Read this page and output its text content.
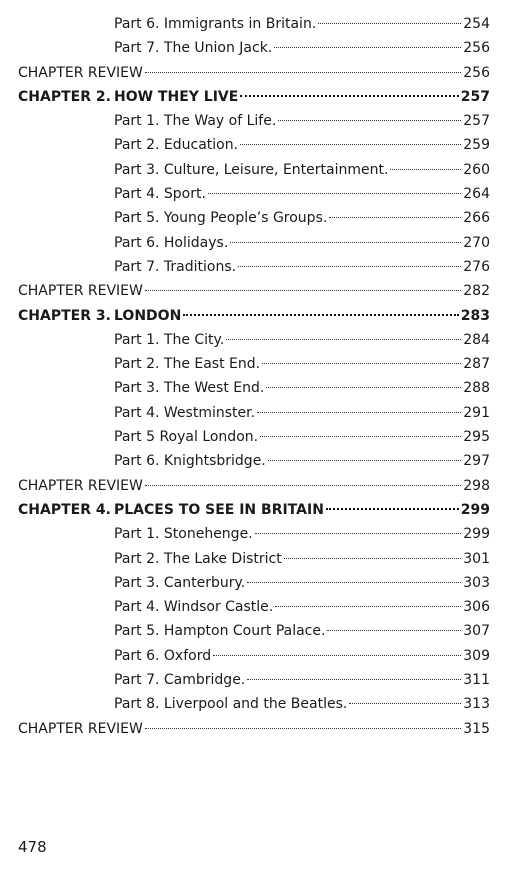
Part 6. Immigrants in Britain.	254
Part 7. The Union Jack.	256
CHAPTER REVIEW	256
CHAPTER 2. HOW THEY LIVE	257
Part 1. The Way of Life.	257
Part 2. Education.	259
Part 3. Culture, Leisure, Entertainment.	260
Part 4. Sport.	264
Part 5. Young People’s Groups.	266
Part 6. Holidays.	270
Part 7. Traditions.	276
CHAPTER REVIEW	282
CHAPTER 3. LONDON	283
Part 1. The City.	284
Part 2. The East End.	287
Part 3. The West End.	288
Part 4. Westminster.	291
Part 5 Royal London.	295
Part 6. Knightsbridge.	297
CHAPTER REVIEW	298
CHAPTER 4. PLACES TO SEE IN BRITAIN	299
Part 1. Stonehenge.	299
Part 2. The Lake District	301
Part 3. Canterbury.	303
Part 4. Windsor Castle.	306
Part 5. Hampton Court Palace.	307
Part 6. Oxford	309
Part 7. Cambridge.	311
Part 8. Liverpool and the Beatles.	313
CHAPTER REVIEW	315
478
